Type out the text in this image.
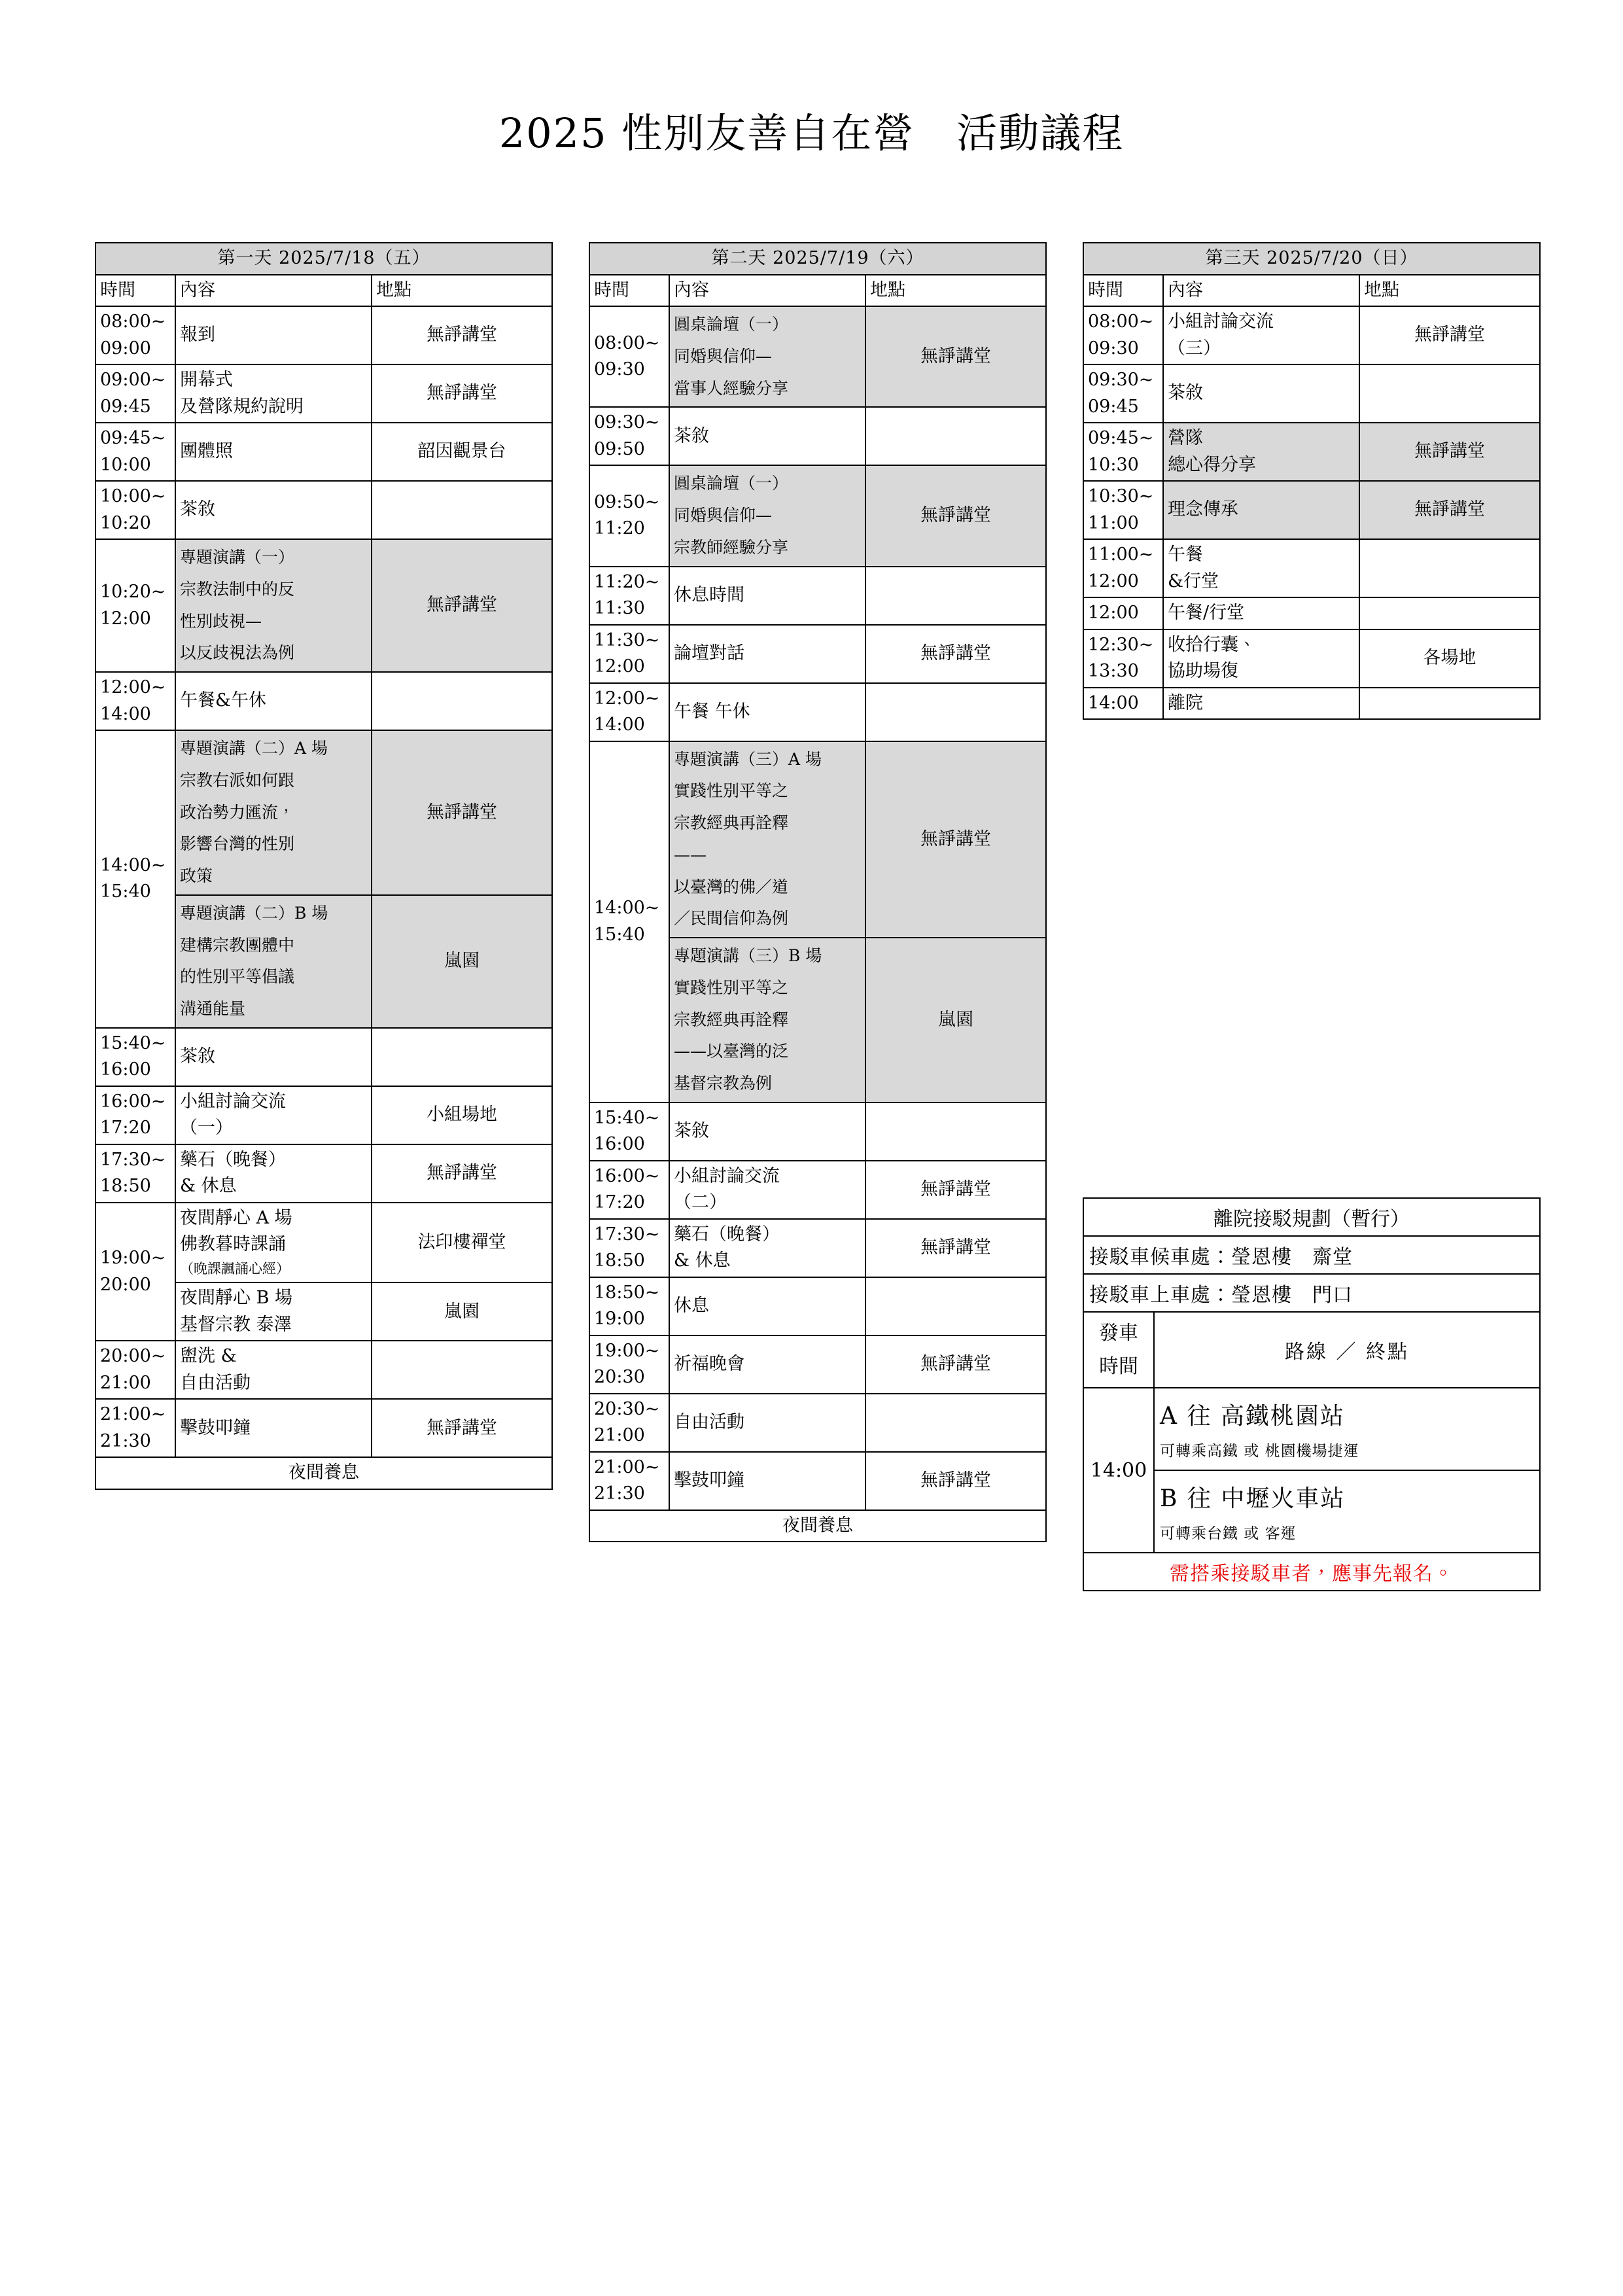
2025 性別友善自在營　活動議程
第一天 2025/7/18（五）		
時間	內容	地點
08:00~
09:00	報到	無諍講堂
09:00~
09:45	開幕式
及營隊規約說明	無諍講堂
09:45~
10:00	團體照	韶因觀景台
10:00~
10:20	茶敘	
10:20~
12:00	專題演講（一）
宗教法制中的反
性別歧視—
以反歧視法為例	無諍講堂
12:00~
14:00	午餐&午休	
14:00~
15:40	專題演講（二）A 場
宗教右派如何跟
政治勢力匯流，
影響台灣的性別
政策	無諍講堂
	專題演講（二）B 場
建構宗教團體中
的性別平等倡議
溝通能量	嵐園
15:40~
16:00	茶敘	
16:00~
17:20	小組討論交流
（一）	小組場地
17:30~
18:50	藥石（晚餐）
& 休息	無諍講堂
19:00~
20:00	夜間靜心 A 場
佛教暮時課誦
（晚課諷誦心經）	法印樓禪堂
	夜間靜心 B 場
基督宗教 泰澤	嵐園
20:00~
21:00	盥洗 &
自由活動	
21:00~
21:30	擊鼓叩鐘	無諍講堂
夜間養息		
第二天 2025/7/19（六）		
時間	內容	地點
08:00~
09:30	圓桌論壇（一）
同婚與信仰—
當事人經驗分享	無諍講堂
09:30~
09:50	茶敘	
09:50~
11:20	圓桌論壇（一）
同婚與信仰—
宗教師經驗分享	無諍講堂
11:20~
11:30	休息時間	
11:30~
12:00	論壇對話	無諍講堂
12:00~
14:00	午餐 午休	
14:00~
15:40	專題演講（三）A 場
實踐性別平等之
宗教經典再詮釋
——
以臺灣的佛／道
／民間信仰為例	無諍講堂
	專題演講（三）B 場
實踐性別平等之
宗教經典再詮釋
——以臺灣的泛
基督宗教為例	嵐園
15:40~
16:00	茶敘	
16:00~
17:20	小組討論交流
（二）	無諍講堂
17:30~
18:50	藥石（晚餐）
& 休息	無諍講堂
18:50~
19:00	休息	
19:00~
20:30	祈福晚會	無諍講堂
20:30~
21:00	自由活動	
21:00~
21:30	擊鼓叩鐘	無諍講堂
夜間養息		
第三天 2025/7/20（日）		
時間	內容	地點
08:00~
09:30	小組討論交流
（三）	無諍講堂
09:30~
09:45	茶敘	
09:45~
10:30	營隊
總心得分享	無諍講堂
10:30~
11:00	理念傳承	無諍講堂
11:00~
12:00	午餐
&行堂	
12:00	午餐/行堂	
12:30~
13:30	收拾行囊、
協助場復	各場地
14:00	離院	
離院接駁規劃（暫行）	
接駁車候車處：瑩恩樓　齋堂	
接駁車上車處：瑩恩樓　門口	
發車
時間	路線 ／ 終點
14:00	A 往 高鐵桃園站
可轉乘高鐵 或 桃園機場捷運

	B 往 中壢火車站
可轉乘台鐵 或 客運

需搭乘接駁車者，應事先報名。	
